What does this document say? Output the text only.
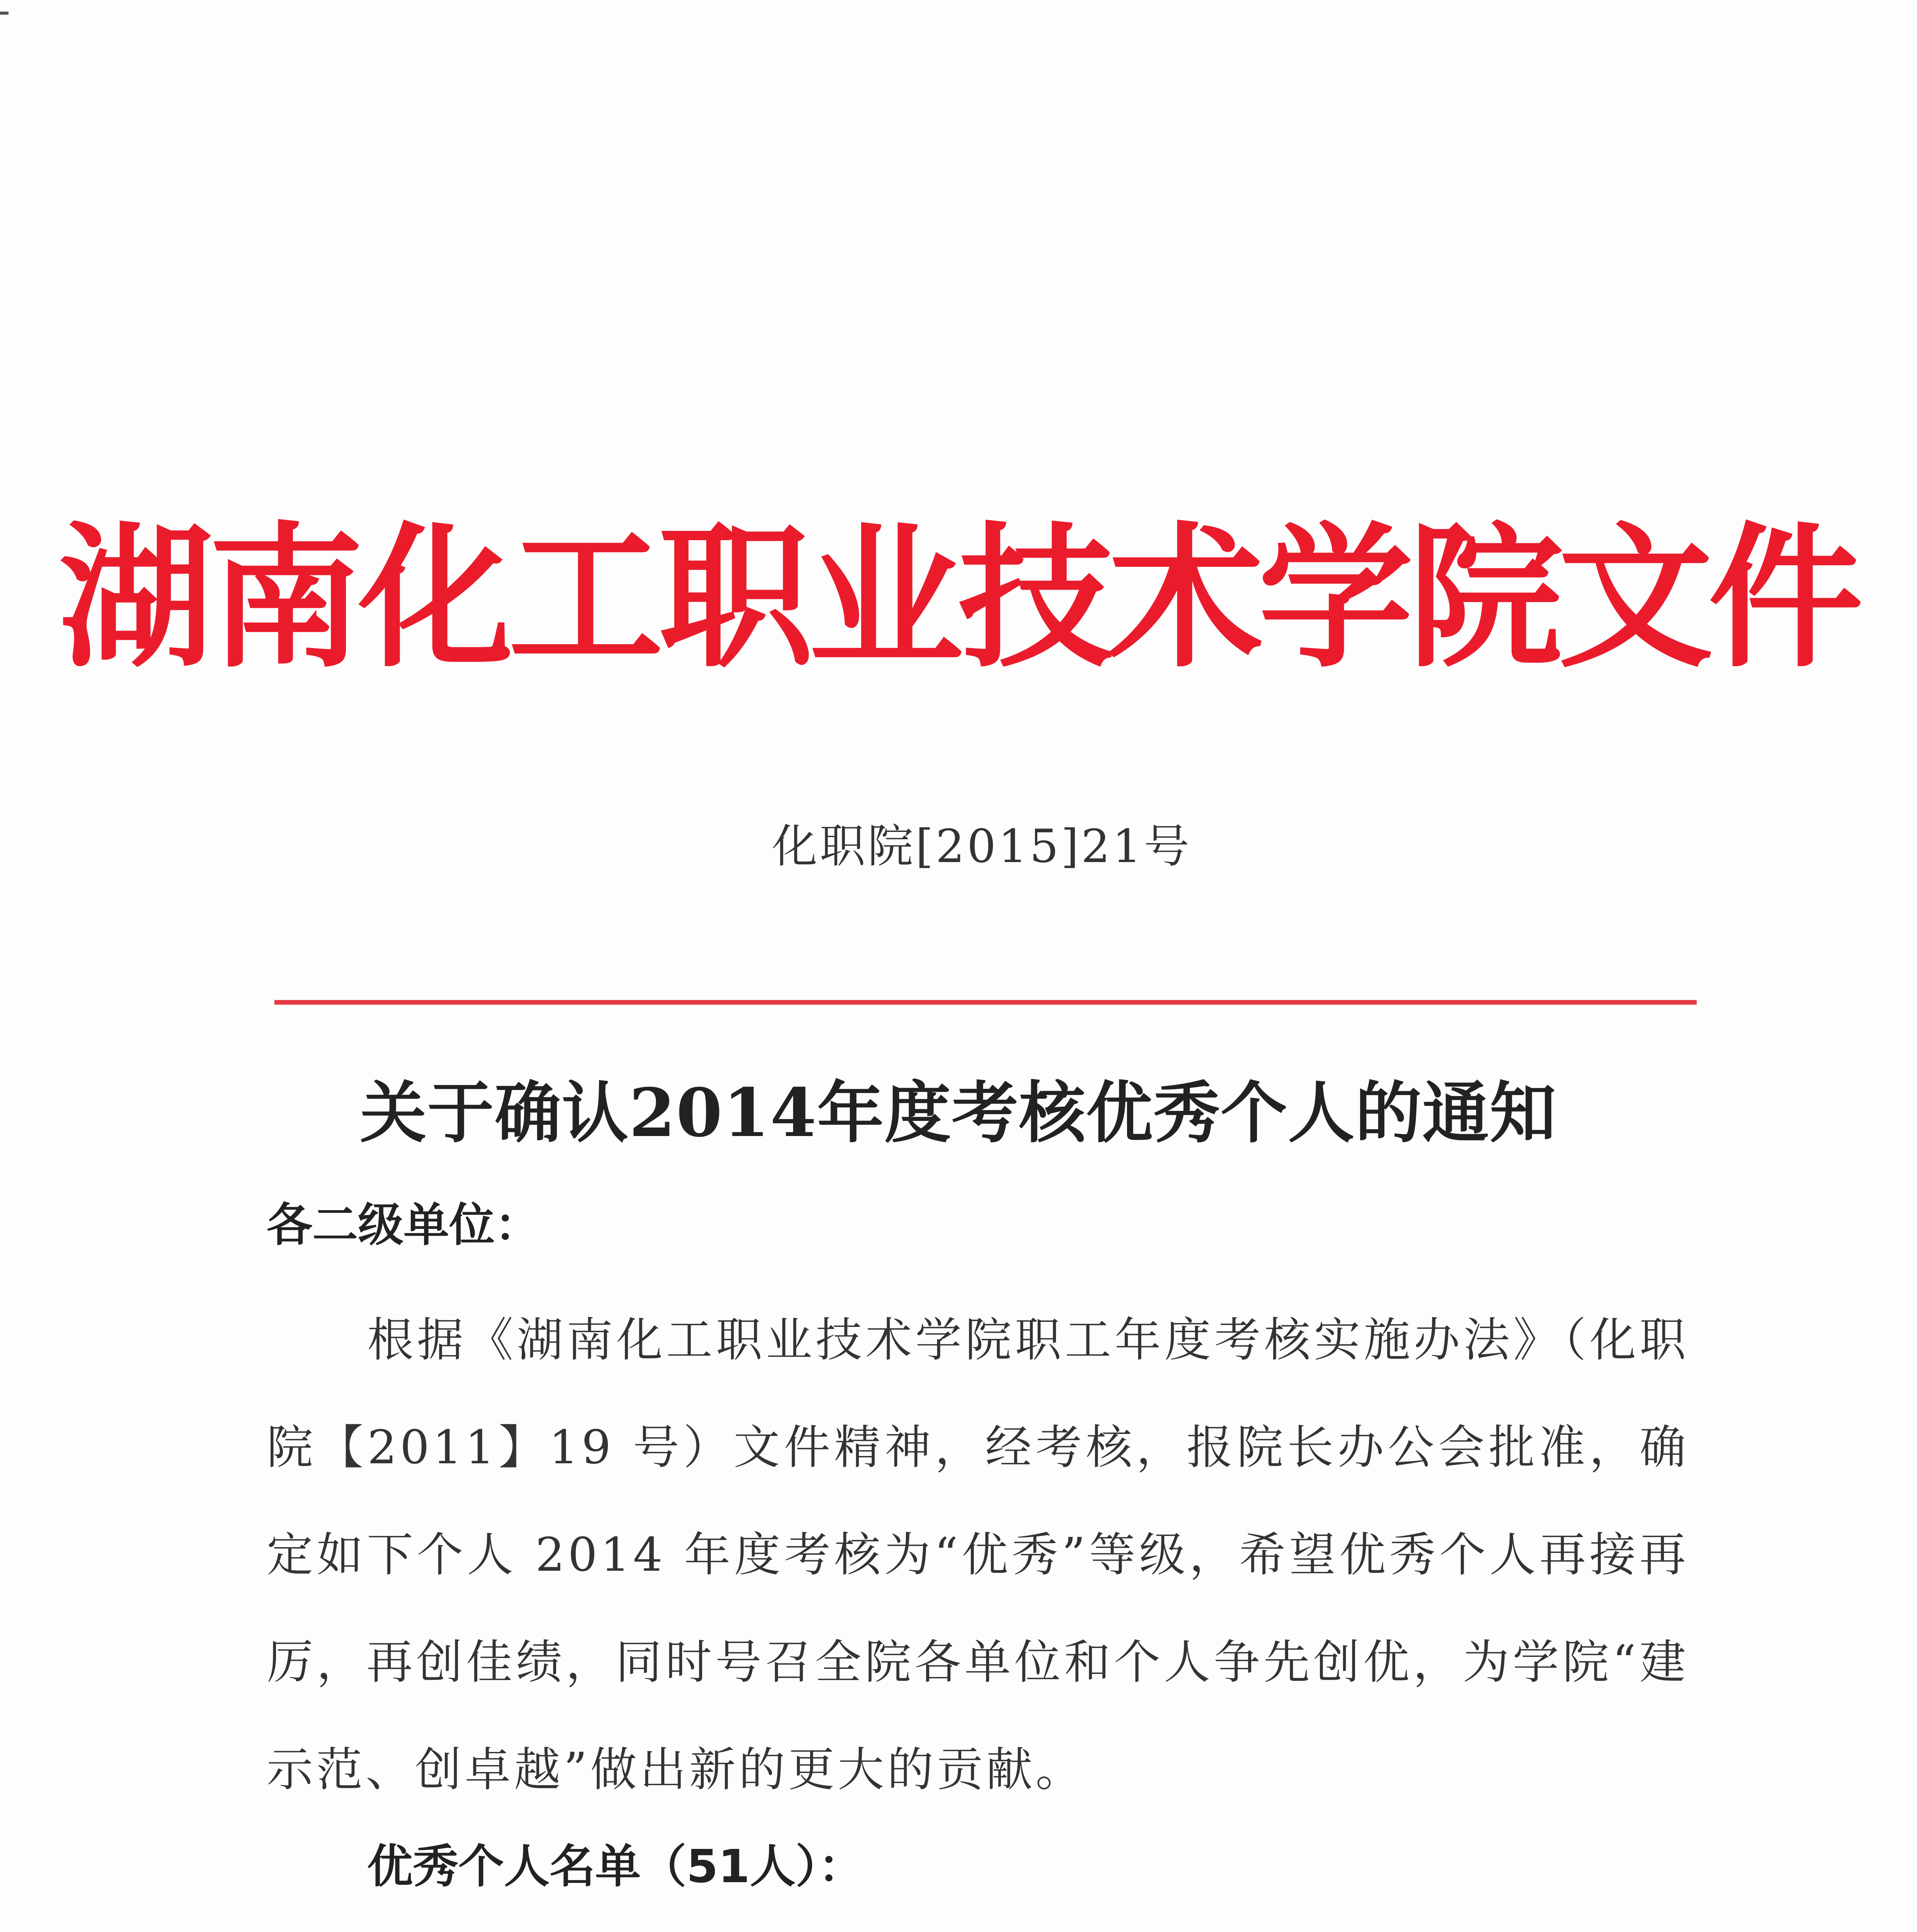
湖南化工职业技术学院文件
化职院[2015]21号
关于确认2014年度考核优秀个人的通知
各二级单位：

根据《湖南化工职业技术学院职工年度考核实施办法》（化职院【2011】19 号）文件精神，经考核，报院长办公会批准，确定如下个人 2014 年度考核为“优秀”等级，希望优秀个人再接再厉，再创佳绩，同时号召全院各单位和个人争先创优，为学院“建示范、创卓越”做出新的更大的贡献。

优秀个人名单（51人）：
